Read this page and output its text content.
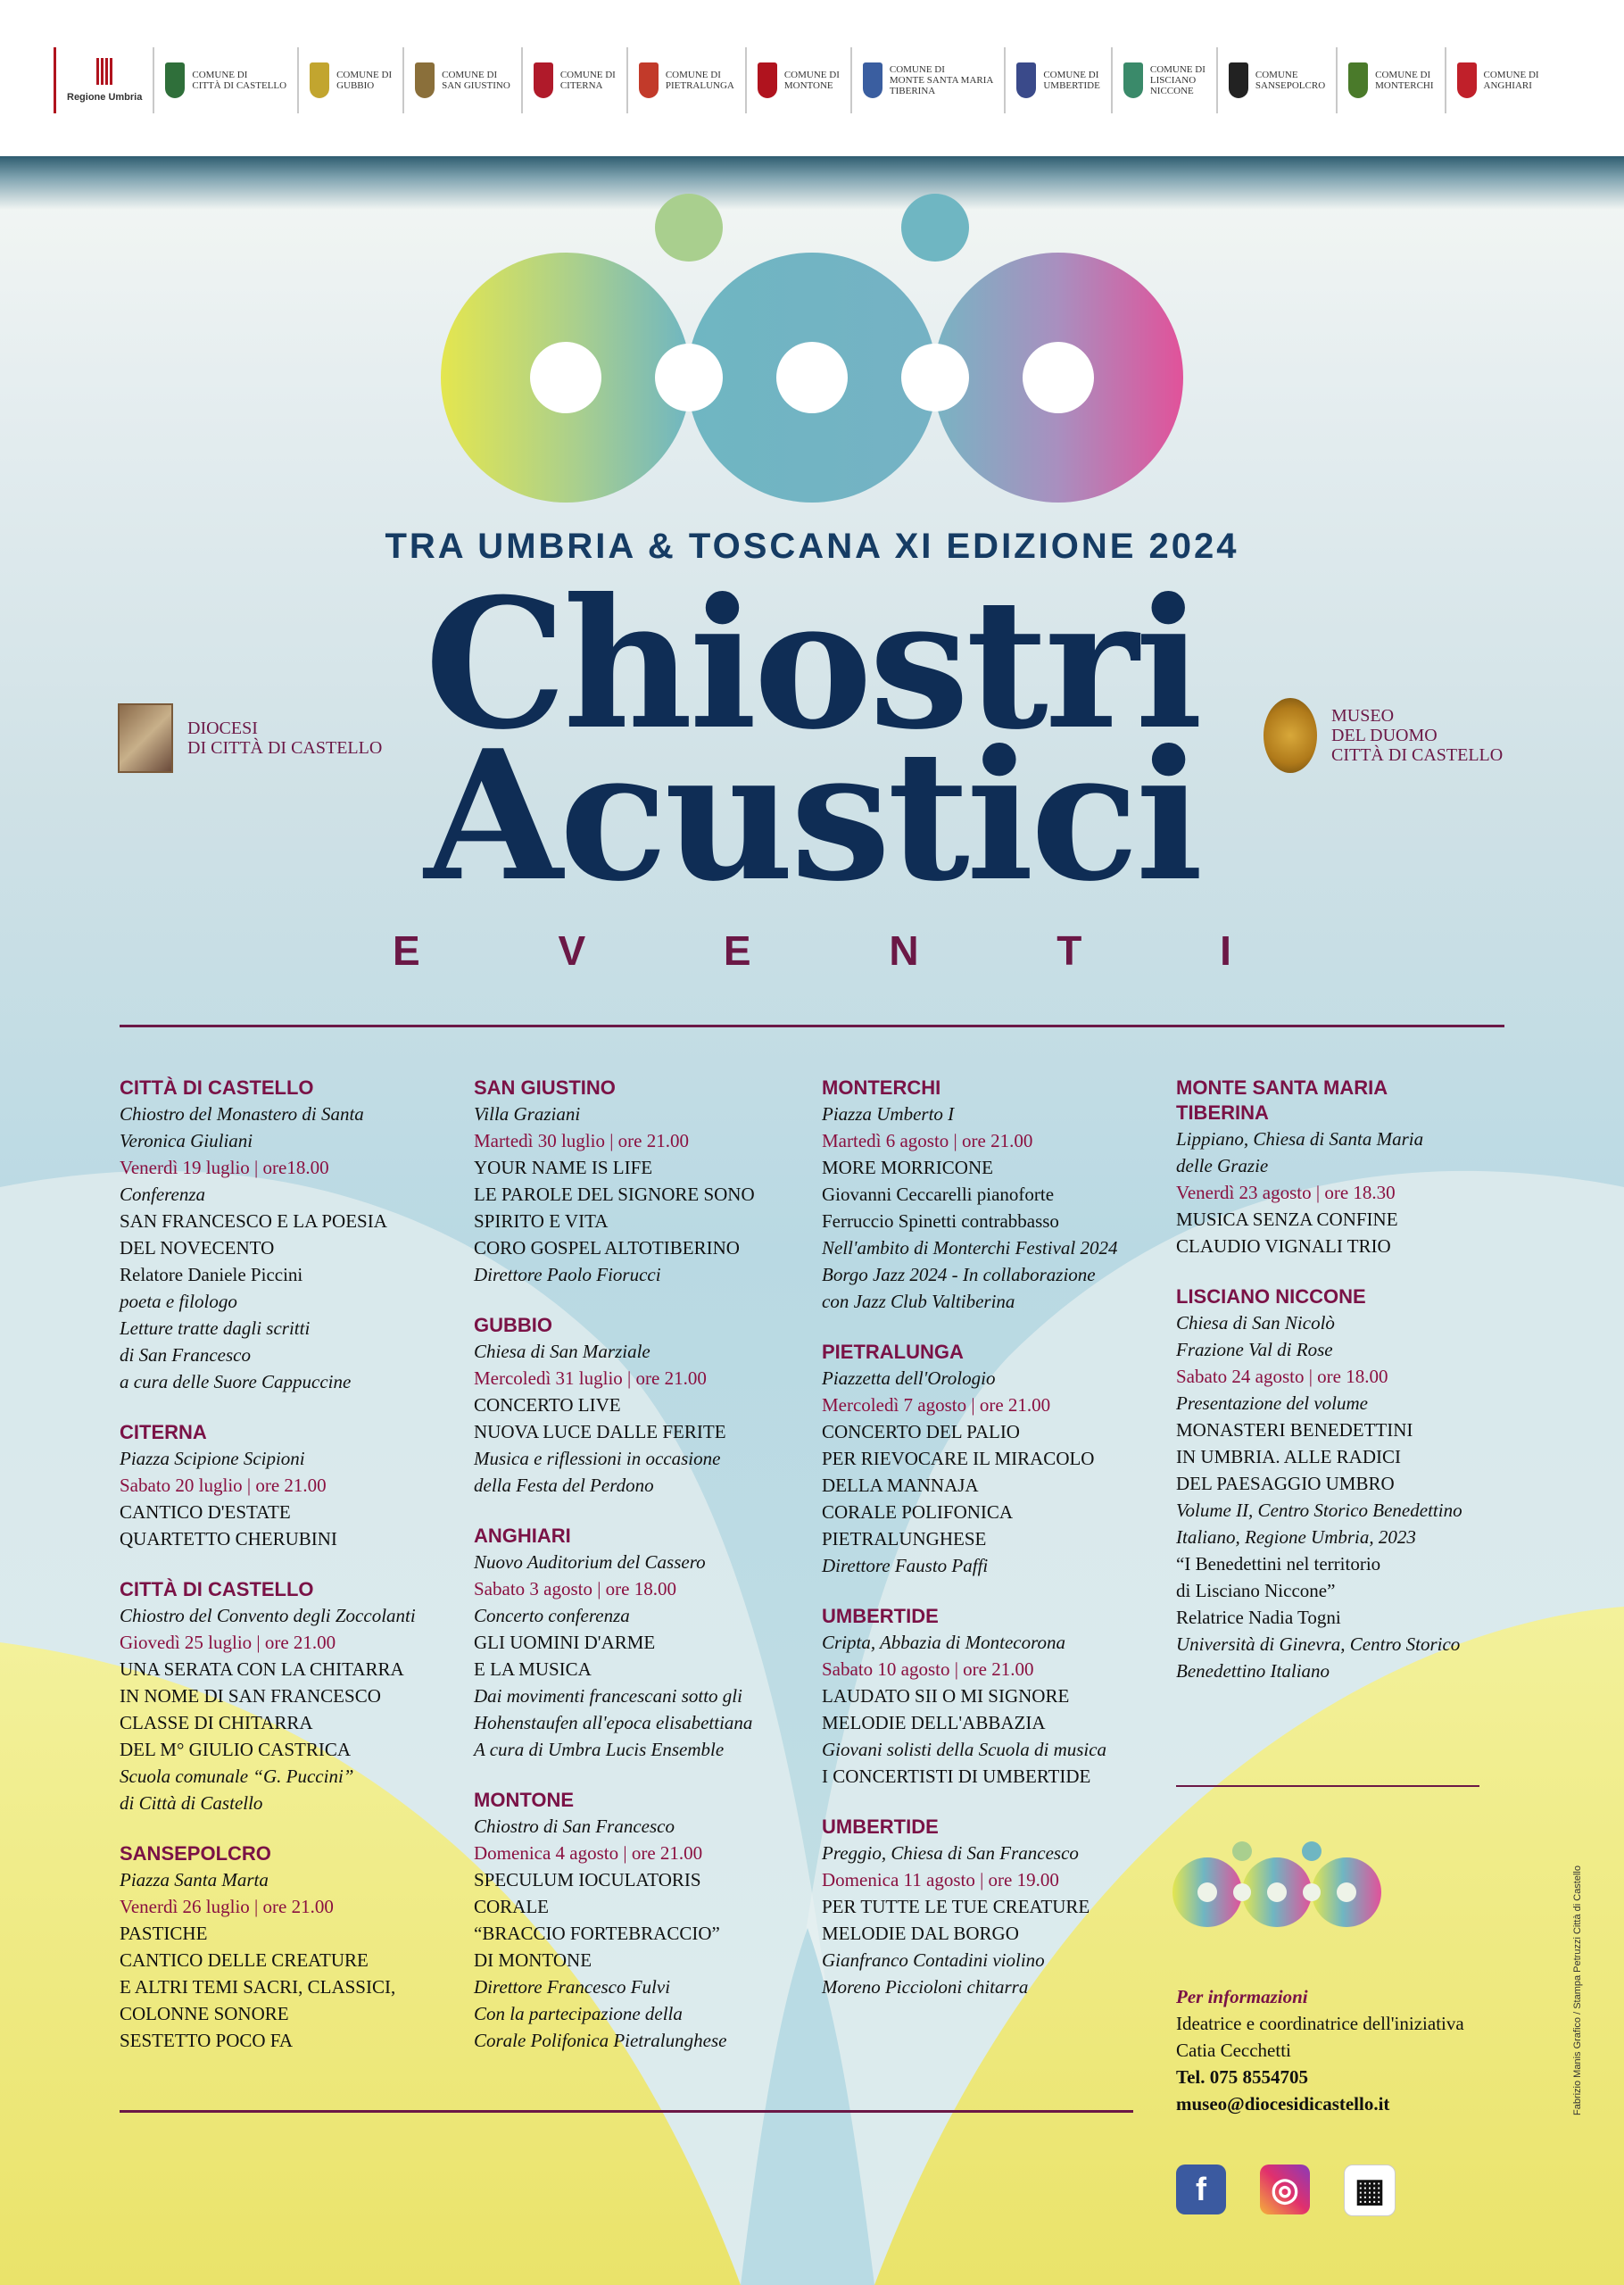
Regione Umbria
COMUNE DI
CITTÀ DI CASTELLO
COMUNE DI
GUBBIO
COMUNE DI
SAN GIUSTINO
COMUNE DI
CITERNA
COMUNE DI
PIETRALUNGA
COMUNE DI
MONTONE
COMUNE DI
MONTE SANTA MARIA
TIBERINA
COMUNE DI
UMBERTIDE
COMUNE DI
LISCIANO
NICCONE
COMUNE
SANSEPOLCRO
COMUNE DI
MONTERCHI
COMUNE DI
ANGHIARI
TRA UMBRIA & TOSCANA XI EDIZIONE 2024
Chiostri
Acustici
E	V	E	N	T	I
DIOCESI
DI CITTÀ DI CASTELLO
MUSEO
DEL DUOMO
CITTÀ DI CASTELLO
CITTÀ DI CASTELLO
Chiostro del Monastero di Santa
Veronica Giuliani
Venerdì 19 luglio | ore18.00
Conferenza
SAN FRANCESCO E LA POESIA
DEL NOVECENTO
Relatore Daniele Piccini
poeta e filologo
Letture tratte dagli scritti
di San Francesco
a cura delle Suore Cappuccine
CITERNA
Piazza Scipione Scipioni
Sabato 20 luglio | ore 21.00
CANTICO D'ESTATE
QUARTETTO CHERUBINI
CITTÀ DI CASTELLO
Chiostro del Convento degli Zoccolanti
Giovedì 25 luglio | ore 21.00
UNA SERATA CON LA CHITARRA
IN NOME DI SAN FRANCESCO
CLASSE DI CHITARRA
DEL M° GIULIO CASTRICA
Scuola comunale “G. Puccini”
di Città di Castello
SANSEPOLCRO
Piazza Santa Marta
Venerdì 26 luglio | ore 21.00
PASTICHE
CANTICO DELLE CREATURE
E ALTRI TEMI SACRI, CLASSICI,
COLONNE SONORE
SESTETTO POCO FA
SAN GIUSTINO
Villa Graziani
Martedì 30 luglio | ore 21.00
YOUR NAME IS LIFE
LE PAROLE DEL SIGNORE SONO
SPIRITO E VITA
CORO GOSPEL ALTOTIBERINO
Direttore Paolo Fiorucci
GUBBIO
Chiesa di San Marziale
Mercoledì 31 luglio | ore 21.00
CONCERTO LIVE
NUOVA LUCE DALLE FERITE
Musica e riflessioni in occasione
della Festa del Perdono
ANGHIARI
Nuovo Auditorium del Cassero
Sabato 3 agosto | ore 18.00
Concerto conferenza
GLI UOMINI D'ARME
E LA MUSICA
Dai movimenti francescani sotto gli
Hohenstaufen all'epoca elisabettiana
A cura di Umbra Lucis Ensemble
MONTONE
Chiostro di San Francesco
Domenica 4 agosto | ore 21.00
SPECULUM IOCULATORIS
CORALE
“BRACCIO FORTEBRACCIO”
DI MONTONE
Direttore Francesco Fulvi
Con la partecipazione della
Corale Polifonica Pietralunghese
MONTERCHI
Piazza Umberto I
Martedì 6 agosto | ore 21.00
MORE MORRICONE
Giovanni Ceccarelli pianoforte
Ferruccio Spinetti contrabbasso
Nell'ambito di Monterchi Festival 2024
Borgo Jazz 2024 - In collaborazione
con Jazz Club Valtiberina
PIETRALUNGA
Piazzetta dell'Orologio
Mercoledì 7 agosto | ore 21.00
CONCERTO DEL PALIO
PER RIEVOCARE IL MIRACOLO
DELLA MANNAJA
CORALE POLIFONICA
PIETRALUNGHESE
Direttore Fausto Paffi
UMBERTIDE
Cripta, Abbazia di Montecorona
Sabato 10 agosto | ore 21.00
LAUDATO SII O MI SIGNORE
MELODIE DELL'ABBAZIA
Giovani solisti della Scuola di musica
I CONCERTISTI DI UMBERTIDE
UMBERTIDE
Preggio, Chiesa di San Francesco
Domenica 11 agosto | ore 19.00
PER TUTTE LE TUE CREATURE
MELODIE DAL BORGO
Gianfranco Contadini violino
Moreno Piccioloni chitarra
MONTE SANTA MARIA
TIBERINA
Lippiano, Chiesa di Santa Maria
delle Grazie
Venerdì 23 agosto | ore 18.30
MUSICA SENZA CONFINE
CLAUDIO VIGNALI TRIO
LISCIANO NICCONE
Chiesa di San Nicolò
Frazione Val di Rose
Sabato 24 agosto | ore 18.00
Presentazione del volume
MONASTERI BENEDETTINI
IN UMBRIA. ALLE RADICI
DEL PAESAGGIO UMBRO
Volume II, Centro Storico Benedettino
Italiano, Regione Umbria, 2023
“I Benedettini nel territorio
di Lisciano Niccone”
Relatrice Nadia Togni
Università di Ginevra, Centro Storico
Benedettino Italiano
Per informazioni
Ideatrice e coordinatrice dell'iniziativa
Catia Cecchetti
Tel. 075 8554705
museo@diocesidicastello.it
f	◎	▦
Fabrizio Manis Grafico / Stampa Petruzzi Città di Castello
